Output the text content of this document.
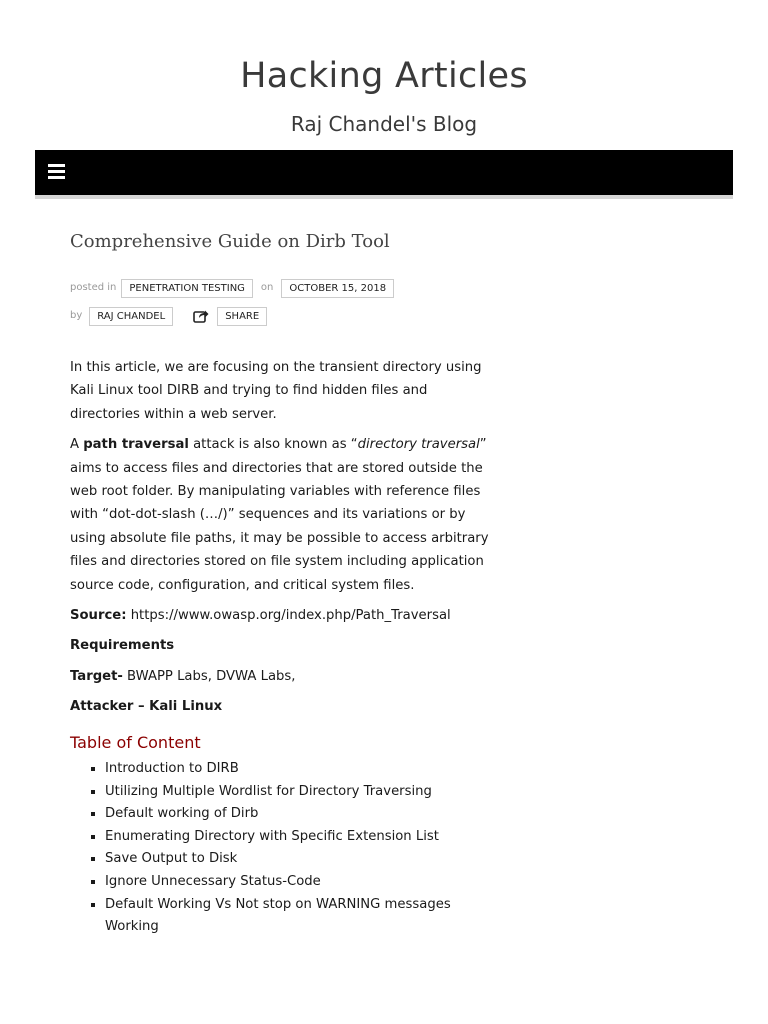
Hacking Articles
Raj Chandel's Blog
Comprehensive Guide on Dirb Tool
posted in	PENETRATION TESTING	on	OCTOBER 15, 2018
by	RAJ CHANDEL	SHARE

In this article, we are focusing on the transient directory using Kali Linux tool DIRB and trying to find hidden files and directories within a web server.

A path traversal attack is also known as “directory traversal” aims to access files and directories that are stored outside the web root folder. By manipulating variables with reference files with “dot-dot-slash (…/)” sequences and its variations or by using absolute file paths, it may be possible to access arbitrary files and directories stored on file system including application source code, configuration, and critical system files.

Source: https://www.owasp.org/index.php/Path_Traversal

Requirements

Target- BWAPP Labs, DVWA Labs,

Attacker – Kali Linux

Table of Content
▪ Introduction to DIRB
▪ Utilizing Multiple Wordlist for Directory Traversing
▪ Default working of Dirb
▪ Enumerating Directory with Specific Extension List
▪ Save Output to Disk
▪ Ignore Unnecessary Status-Code
▪ Default Working Vs Not stop on WARNING messages Working
